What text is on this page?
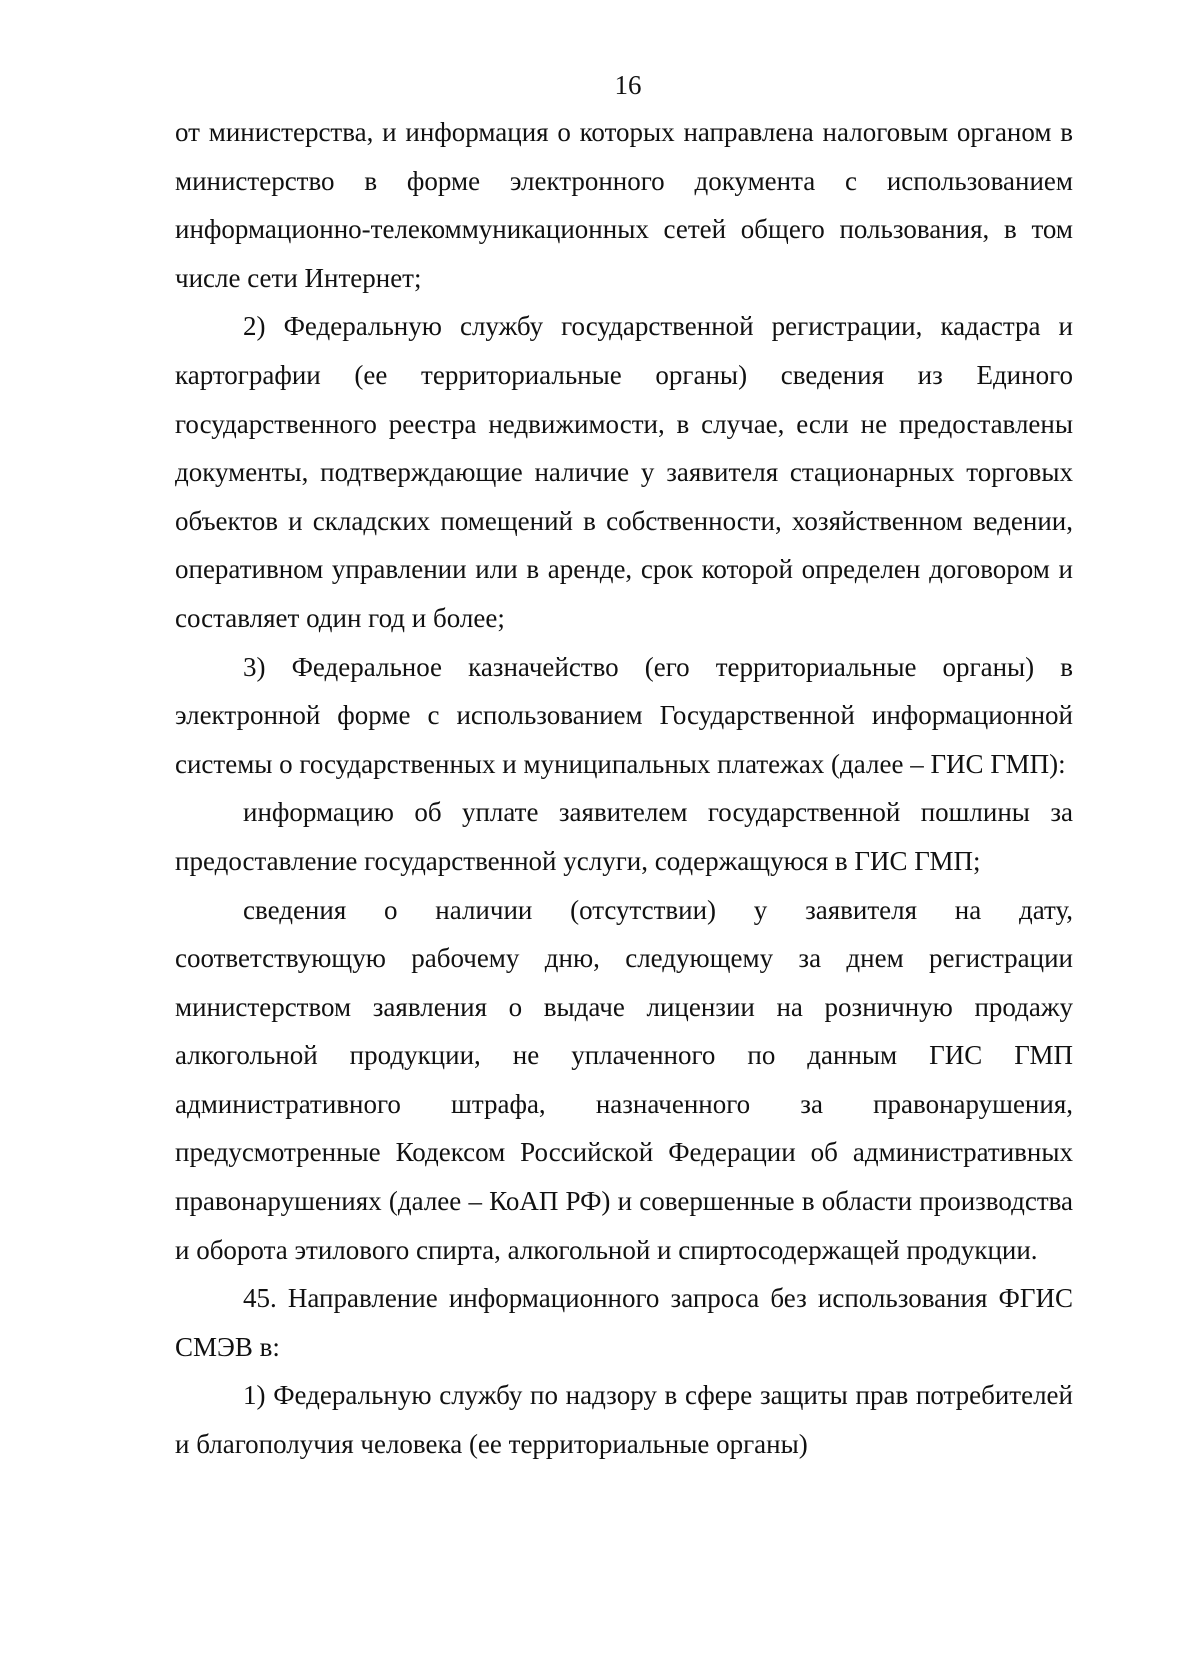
16

от министерства, и информация о которых направлена налоговым органом в министерство в форме электронного документа с использованием информационно-телекоммуникационных сетей общего пользования, в том числе сети Интернет;

2) Федеральную службу государственной регистрации, кадастра и картографии (ее территориальные органы) сведения из Единого государственного реестра недвижимости, в случае, если не предоставлены документы, подтверждающие наличие у заявителя стационарных торговых объектов и складских помещений в собственности, хозяйственном ведении, оперативном управлении или в аренде, срок которой определен договором и составляет один год и более;

3) Федеральное казначейство (его территориальные органы) в электронной форме с использованием Государственной информационной системы о государственных и муниципальных платежах (далее – ГИС ГМП):

информацию об уплате заявителем государственной пошлины за предоставление государственной услуги, содержащуюся в ГИС ГМП;

сведения о наличии (отсутствии) у заявителя на дату, соответствующую рабочему дню, следующему за днем регистрации министерством заявления о выдаче лицензии на розничную продажу алкогольной продукции, не уплаченного по данным ГИС ГМП административного штрафа, назначенного за правонарушения, предусмотренные Кодексом Российской Федерации об административных правонарушениях (далее – КоАП РФ) и совершенные в области производства и оборота этилового спирта, алкогольной и спиртосодержащей продукции.

45. Направление информационного запроса без использования ФГИС СМЭВ в:

1) Федеральную службу по надзору в сфере защиты прав потребителей и благополучия человека (ее территориальные органы)
